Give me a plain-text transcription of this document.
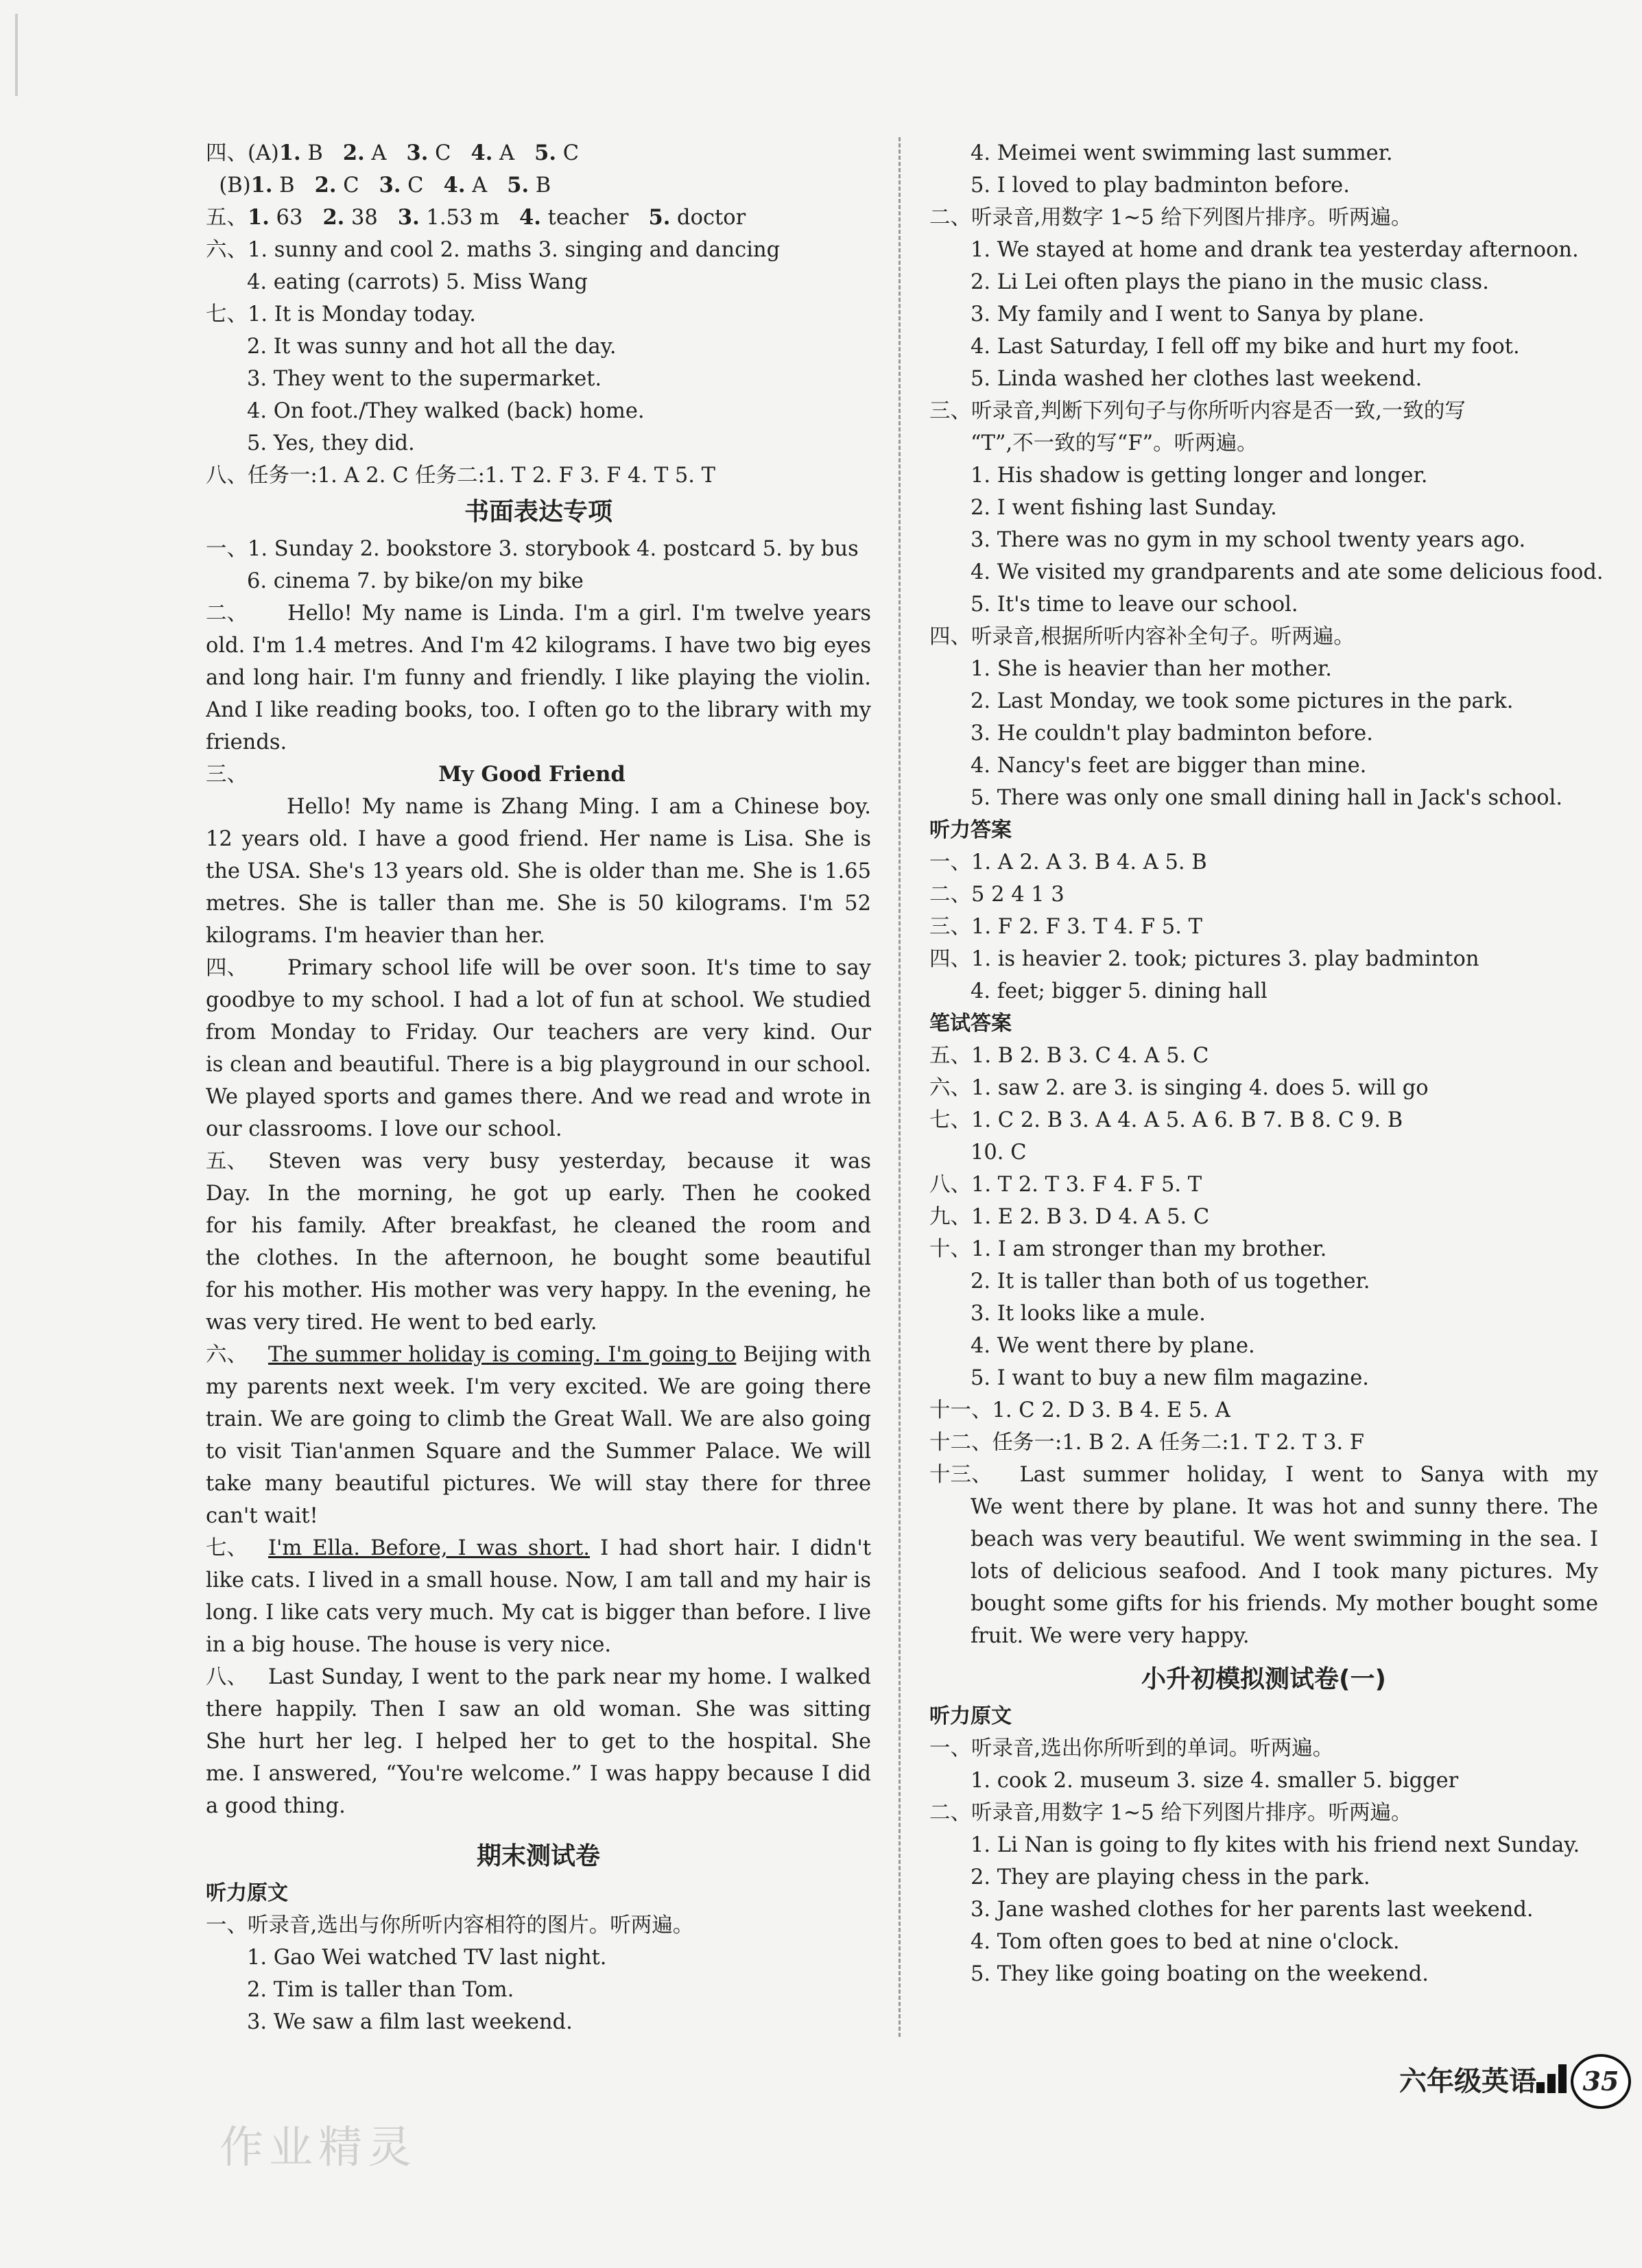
四、(A)1. B   2. A   3. C   4. A   5. C
(B)1. B   2. C   3. C   4. A   5. B
五、1. 63   2. 38   3. 1.53 m   4. teacher   5. doctor
六、1. sunny and cool 2. maths 3. singing and dancing
4. eating (carrots) 5. Miss Wang
七、1. It is Monday today.
2. It was sunny and hot all the day.
3. They went to the supermarket.
4. On foot./They walked (back) home.
5. Yes, they did.
八、任务一:1. A 2. C 任务二:1. T 2. F 3. F 4. T 5. T
书面表达专项
一、1. Sunday 2. bookstore 3. storybook 4. postcard 5. by bus
6. cinema 7. by bike/on my bike
二、	Hello! My name is Linda. I'm a girl. I'm twelve years
old. I'm 1.4 metres. And I'm 42 kilograms. I have two big eyes
and long hair. I'm funny and friendly. I like playing the violin.
And I like reading books, too. I often go to the library with my
friends.
三、	My Good Friend
Hello! My name is Zhang Ming. I am a Chinese boy.
12 years old. I have a good friend. Her name is Lisa. She is
the USA. She's 13 years old. She is older than me. She is 1.65
metres. She is taller than me. She is 50 kilograms. I'm 52
kilograms. I'm heavier than her.
四、	Primary school life will be over soon. It's time to say
goodbye to my school. I had a lot of fun at school. We studied
from Monday to Friday. Our teachers are very kind. Our
is clean and beautiful. There is a big playground in our school.
We played sports and games there. And we read and wrote in
our classrooms. I love our school.
五、 Steven was very busy yesterday, because it was
Day. In the morning, he got up early. Then he cooked
for his family. After breakfast, he cleaned the room and
the clothes. In the afternoon, he bought some beautiful
for his mother. His mother was very happy. In the evening, he
was very tired. He went to bed early.
六、 The summer holiday is coming. I'm going to Beijing with
my parents next week. I'm very excited. We are going there
train. We are going to climb the Great Wall. We are also going
to visit Tian'anmen Square and the Summer Palace. We will
take many beautiful pictures. We will stay there for three
can't wait!
七、 I'm Ella. Before, I was short. I had short hair. I didn't
like cats. I lived in a small house. Now, I am tall and my hair is
long. I like cats very much. My cat is bigger than before. I live
in a big house. The house is very nice.
八、 Last Sunday, I went to the park near my home. I walked
there happily. Then I saw an old woman. She was sitting
She hurt her leg. I helped her to get to the hospital. She
me. I answered, “You're welcome.” I was happy because I did
a good thing.
期末测试卷
听力原文
一、听录音,选出与你所听内容相符的图片。听两遍。
1. Gao Wei watched TV last night.
2. Tim is taller than Tom.
3. We saw a film last weekend.
4. Meimei went swimming last summer.
5. I loved to play badminton before.
二、听录音,用数字 1~5 给下列图片排序。听两遍。
1. We stayed at home and drank tea yesterday afternoon.
2. Li Lei often plays the piano in the music class.
3. My family and I went to Sanya by plane.
4. Last Saturday, I fell off my bike and hurt my foot.
5. Linda washed her clothes last weekend.
三、听录音,判断下列句子与你所听内容是否一致,一致的写
“T”,不一致的写“F”。听两遍。
1. His shadow is getting longer and longer.
2. I went fishing last Sunday.
3. There was no gym in my school twenty years ago.
4. We visited my grandparents and ate some delicious food.
5. It's time to leave our school.
四、听录音,根据所听内容补全句子。听两遍。
1. She is heavier than her mother.
2. Last Monday, we took some pictures in the park.
3. He couldn't play badminton before.
4. Nancy's feet are bigger than mine.
5. There was only one small dining hall in Jack's school.
听力答案
一、1. A 2. A 3. B 4. A 5. B
二、5 2 4 1 3
三、1. F 2. F 3. T 4. F 5. T
四、1. is heavier 2. took; pictures 3. play badminton
4. feet; bigger 5. dining hall
笔试答案
五、1. B 2. B 3. C 4. A 5. C
六、1. saw 2. are 3. is singing 4. does 5. will go
七、1. C 2. B 3. A 4. A 5. A 6. B 7. B 8. C 9. B
10. C
八、1. T 2. T 3. F 4. F 5. T
九、1. E 2. B 3. D 4. A 5. C
十、1. I am stronger than my brother.
2. It is taller than both of us together.
3. It looks like a mule.
4. We went there by plane.
5. I want to buy a new film magazine.
十一、1. C 2. D 3. B 4. E 5. A
十二、任务一:1. B 2. A 任务二:1. T 2. T 3. F
十三、	Last summer holiday, I went to Sanya with my
We went there by plane. It was hot and sunny there. The
beach was very beautiful. We went swimming in the sea. I
lots of delicious seafood. And I took many pictures. My
bought some gifts for his friends. My mother bought some
fruit. We were very happy.
小升初模拟测试卷(一)
听力原文
一、听录音,选出你所听到的单词。听两遍。
1. cook 2. museum 3. size 4. smaller 5. bigger
二、听录音,用数字 1~5 给下列图片排序。听两遍。
1. Li Nan is going to fly kites with his friend next Sunday.
2. They are playing chess in the park.
3. Jane washed clothes for her parents last weekend.
4. Tom often goes to bed at nine o'clock.
5. They like going boating on the weekend.
六年级英语	35
作业精灵
